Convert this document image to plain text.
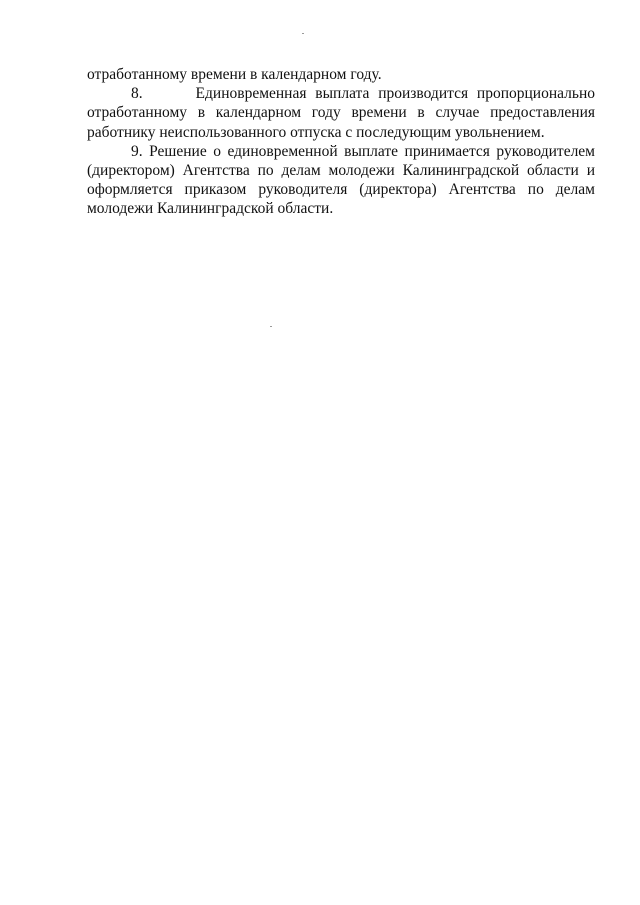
отработанному времени в календарном году.

8.      Единовременная выплата производится пропорционально отработанному в календарном году времени в случае предоставления работнику неиспользованного отпуска с последующим увольнением.

9. Решение о единовременной выплате принимается руководителем (директором) Агентства по делам молодежи Калининградской области и оформляется приказом руководителя (директора) Агентства по делам молодежи Калининградской области.
